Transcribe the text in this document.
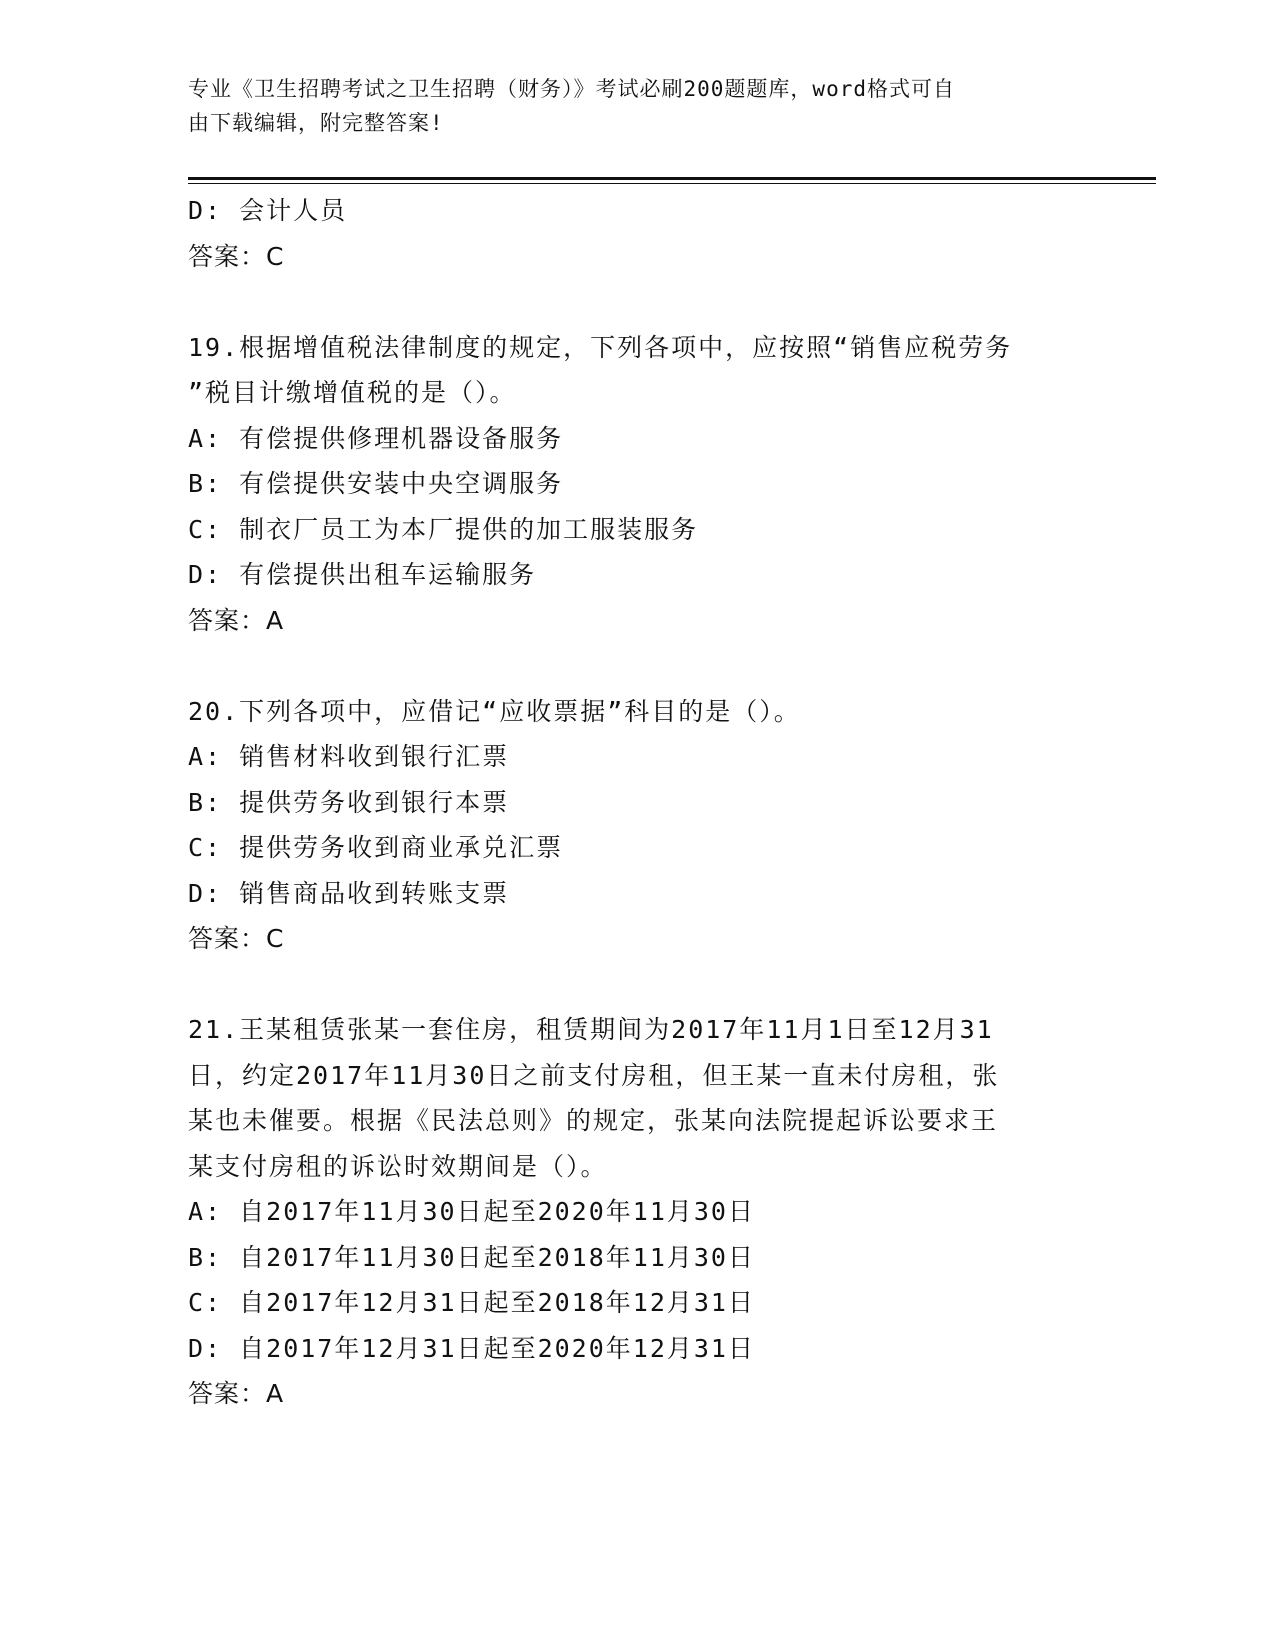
专业《卫生招聘考试之卫生招聘（财务）》考试必刷200题题库，word格式可自
由下载编辑，附完整答案!
D: 会计人员
答案：C
19.根据增值税法律制度的规定，下列各项中，应按照“销售应税劳务
”税目计缴增值税的是（）。
A: 有偿提供修理机器设备服务
B: 有偿提供安装中央空调服务
C: 制衣厂员工为本厂提供的加工服装服务
D: 有偿提供出租车运输服务
答案：A
20.下列各项中，应借记“应收票据”科目的是（）。
A: 销售材料收到银行汇票
B: 提供劳务收到银行本票
C: 提供劳务收到商业承兑汇票
D: 销售商品收到转账支票
答案：C
21.王某租赁张某一套住房，租赁期间为2017年11月1日至12月31
日，约定2017年11月30日之前支付房租，但王某一直未付房租，张
某也未催要。根据《民法总则》的规定，张某向法院提起诉讼要求王
某支付房租的诉讼时效期间是（）。
A: 自2017年11月30日起至2020年11月30日
B: 自2017年11月30日起至2018年11月30日
C: 自2017年12月31日起至2018年12月31日
D: 自2017年12月31日起至2020年12月31日
答案：A
